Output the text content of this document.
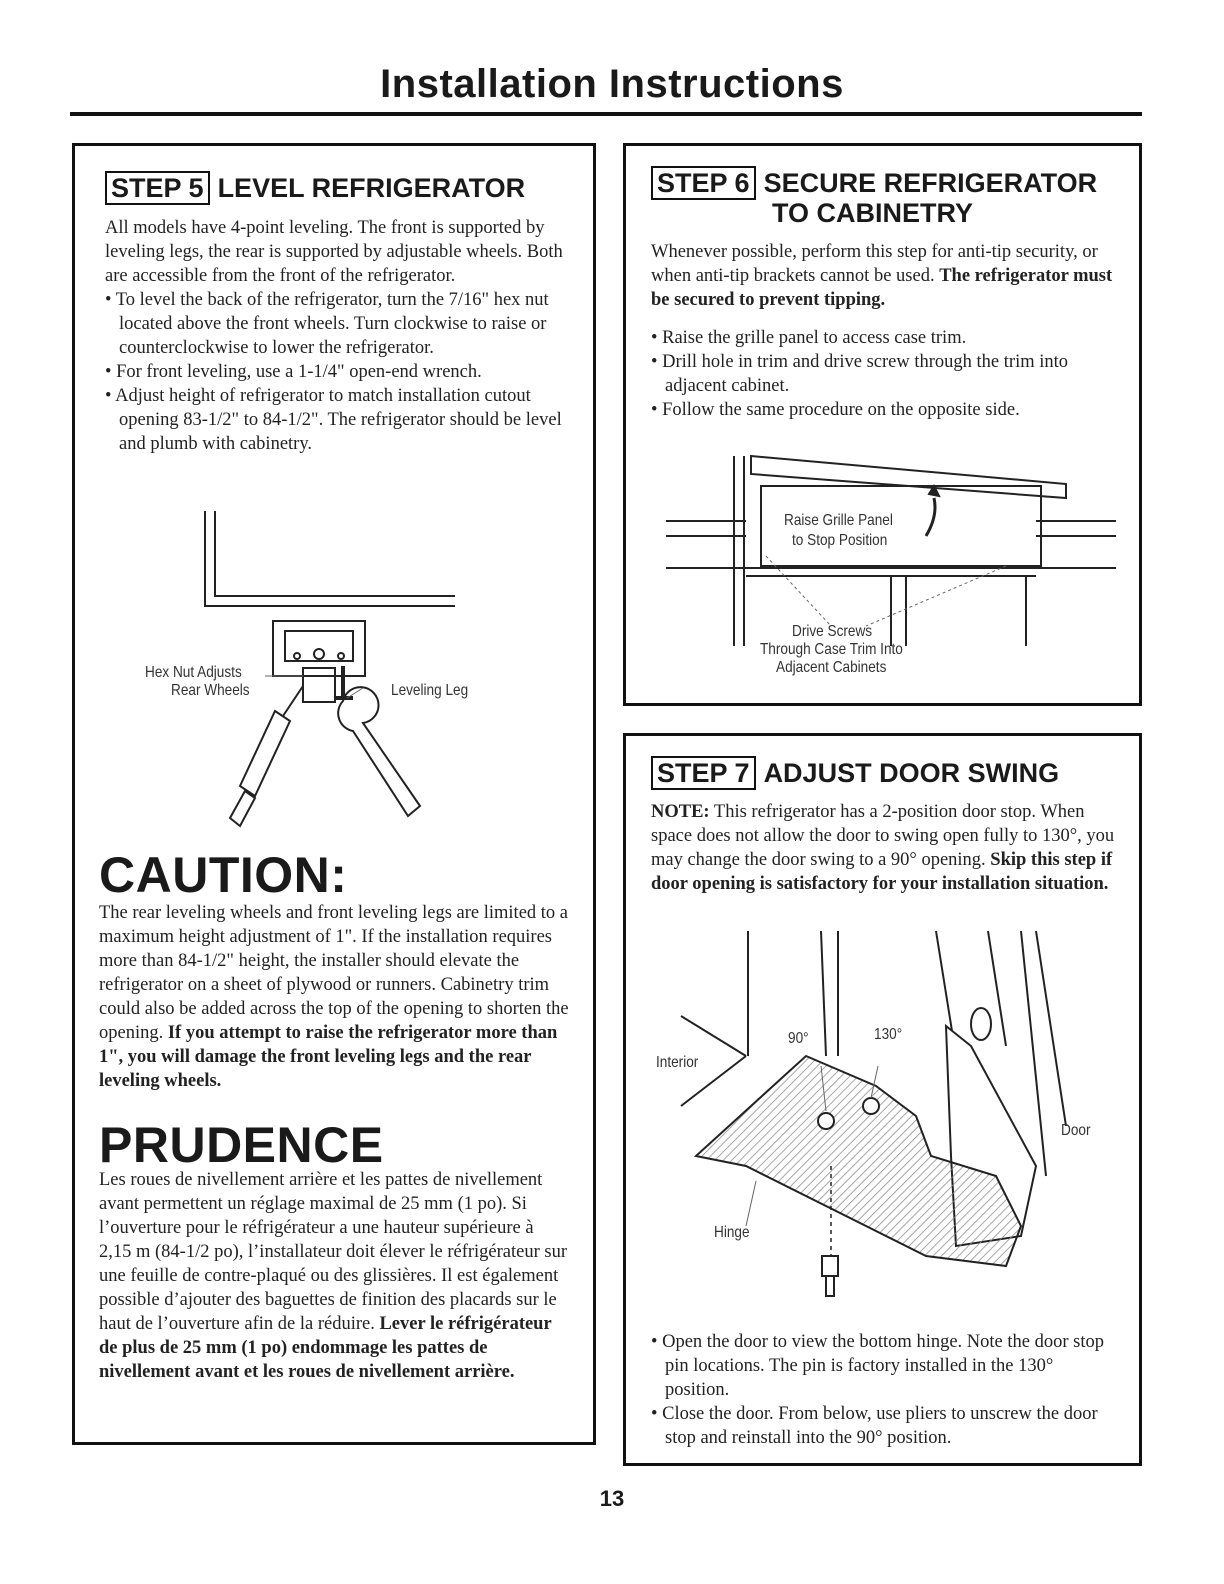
Installation Instructions
STEP 5 LEVEL REFRIGERATOR

All models have 4-point leveling. The front is supported by leveling legs, the rear is supported by adjustable wheels. Both are accessible from the front of the refrigerator.

• To level the back of the refrigerator, turn the 7/16" hex nut located above the front wheels. Turn clockwise to raise or counterclockwise to lower the refrigerator.

• For front leveling, use a 1-1/4" open-end wrench.

• Adjust height of refrigerator to match installation cutout opening 83-1/2" to 84-1/2". The refrigerator should be level and plumb with cabinetry.

Hex Nut Adjusts
Rear Wheels	Leveling Leg
CAUTION:

The rear leveling wheels and front leveling legs are limited to a maximum height adjustment of 1". If the installation requires more than 84-1/2" height, the installer should elevate the refrigerator on a sheet of plywood or runners. Cabinetry trim could also be added across the top of the opening to shorten the opening. If you attempt to raise the refrigerator more than 1", you will damage the front leveling legs and the rear leveling wheels.

PRUDENCE

Les roues de nivellement arrière et les pattes de nivellement avant permettent un réglage maximal de 25 mm (1 po). Si l’ouverture pour le réfrigérateur a une hauteur supérieure à 2,15 m (84-1/2 po), l’installateur doit élever le réfrigérateur sur une feuille de contre-plaqué ou des glissières. Il est également possible d’ajouter des baguettes de finition des placards sur le haut de l’ouverture afin de la réduire. Lever le réfrigérateur de plus de 25 mm (1 po) endommage les pattes de nivellement avant et les roues de nivellement arrière.

STEP 6 SECURE REFRIGERATOR
TO CABINETRY

Whenever possible, perform this step for anti-tip security, or when anti-tip brackets cannot be used. The refrigerator must be secured to prevent tipping.

• Raise the grille panel to access case trim.

• Drill hole in trim and drive screw through the trim into adjacent cabinet.

• Follow the same procedure on the opposite side.

Raise Grille Panel
to Stop Position
Drive Screws
Through Case Trim Into
Adjacent Cabinets
STEP 7 ADJUST DOOR SWING

NOTE: This refrigerator has a 2-position door stop. When space does not allow the door to swing open fully to 130°, you may change the door swing to a 90° opening. Skip this step if door opening is satisfactory for your installation situation.

Interior
90°	130°
Door
Hinge

• Open the door to view the bottom hinge. Note the door stop pin locations. The pin is factory installed in the 130° position.

• Close the door. From below, use pliers to unscrew the door stop and reinstall into the 90° position.

13
